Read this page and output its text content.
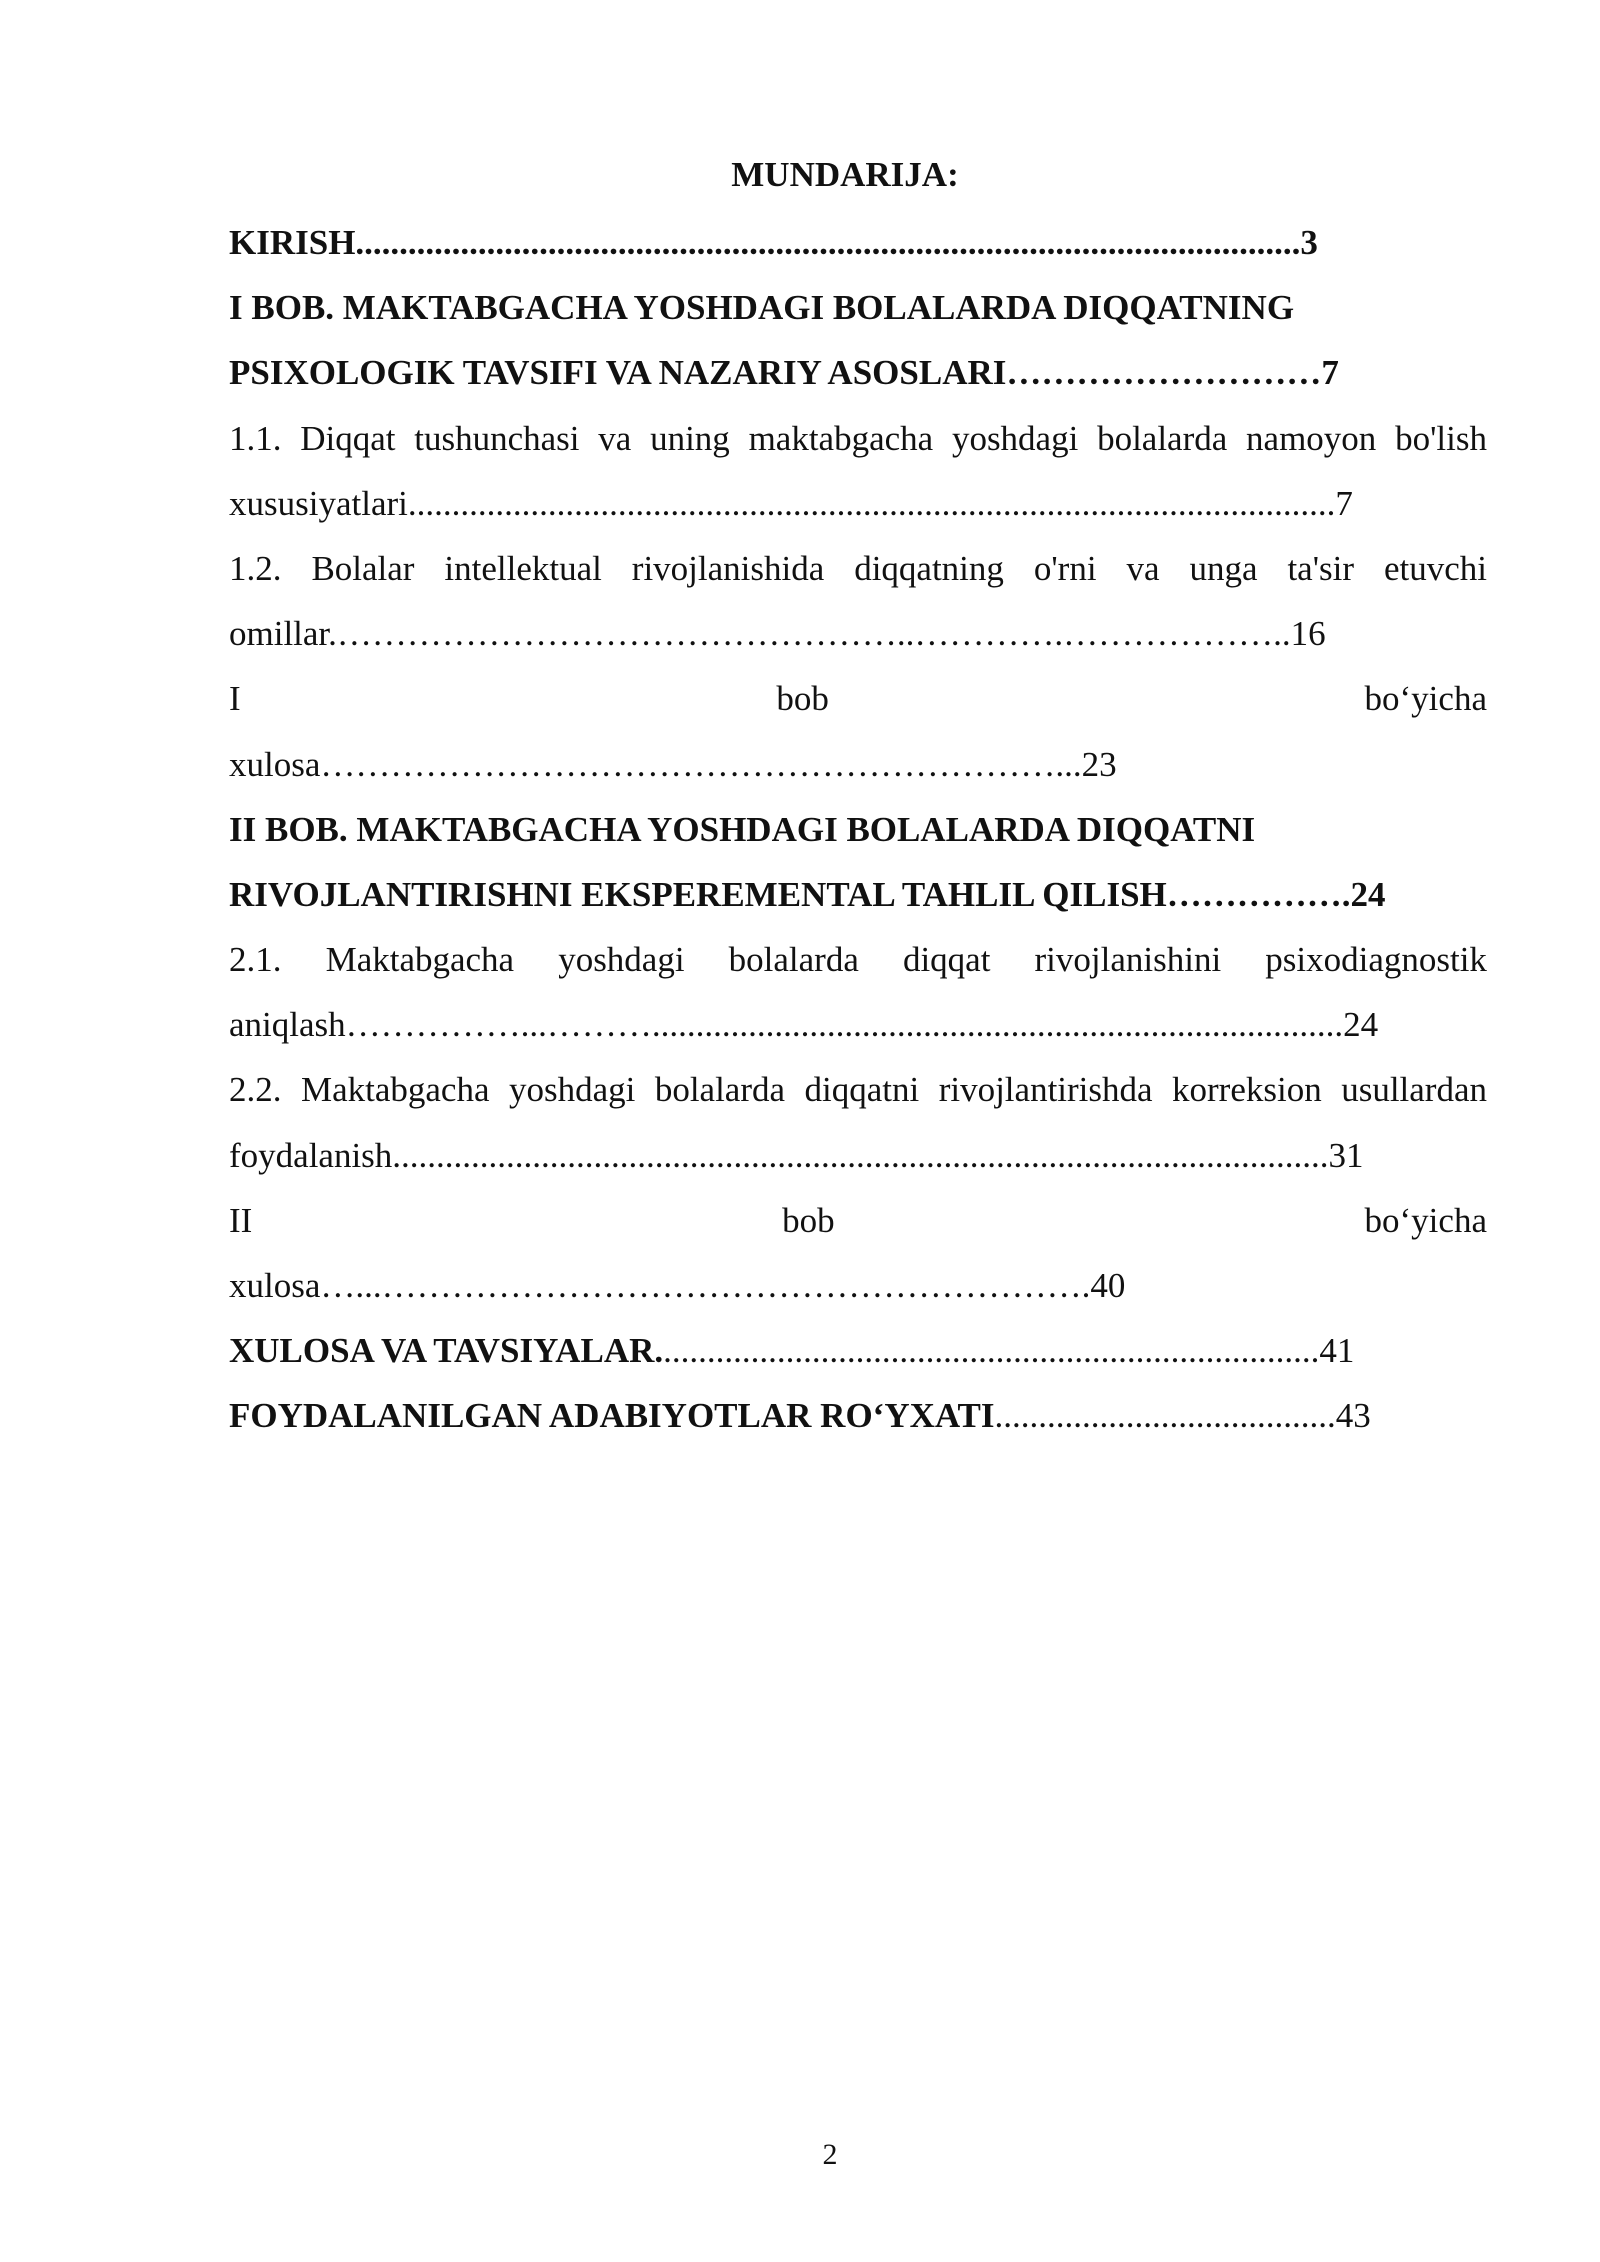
MUNDARIJA:
KIRISH............................................................................................................3
I BOB. MAKTABGACHA YOSHDAGI BOLALARDA DIQQATNING
PSIXOLOGIK TAVSIFI VA NAZARIY ASOSLARI………………………7
1.1. Diqqat tushunchasi va uning maktabgacha yoshdagi bolalarda namoyon bo'lish
xususiyatlari..........................................................................................................7
1.2. Bolalar intellektual rivojlanishida diqqatning o'rni va unga ta'sir etuvchi
omillar.…………………………………………..………….………………..16
I	bob	bo‘yicha
xulosa………………………………………………………...23
II BOB. MAKTABGACHA YOSHDAGI BOLALARDA DIQQATNI
RIVOJLANTIRISHNI EKSPEREMENTAL TAHLIL QILISH…………….24
2.1. Maktabgacha yoshdagi bolalarda diqqat rivojlanishini psixodiagnostik
aniqlash……………...………...............................................................................24
2.2. Maktabgacha yoshdagi bolalarda diqqatni rivojlantirishda korreksion usullardan
foydalanish...........................................................................................................31
II	bob	bo‘yicha
xulosa…...…………………………………………………….40
XULOSA VA TAVSIYALAR............................................................................41
FOYDALANILGAN ADABIYOTLAR RO‘YXATI.......................................43
2
